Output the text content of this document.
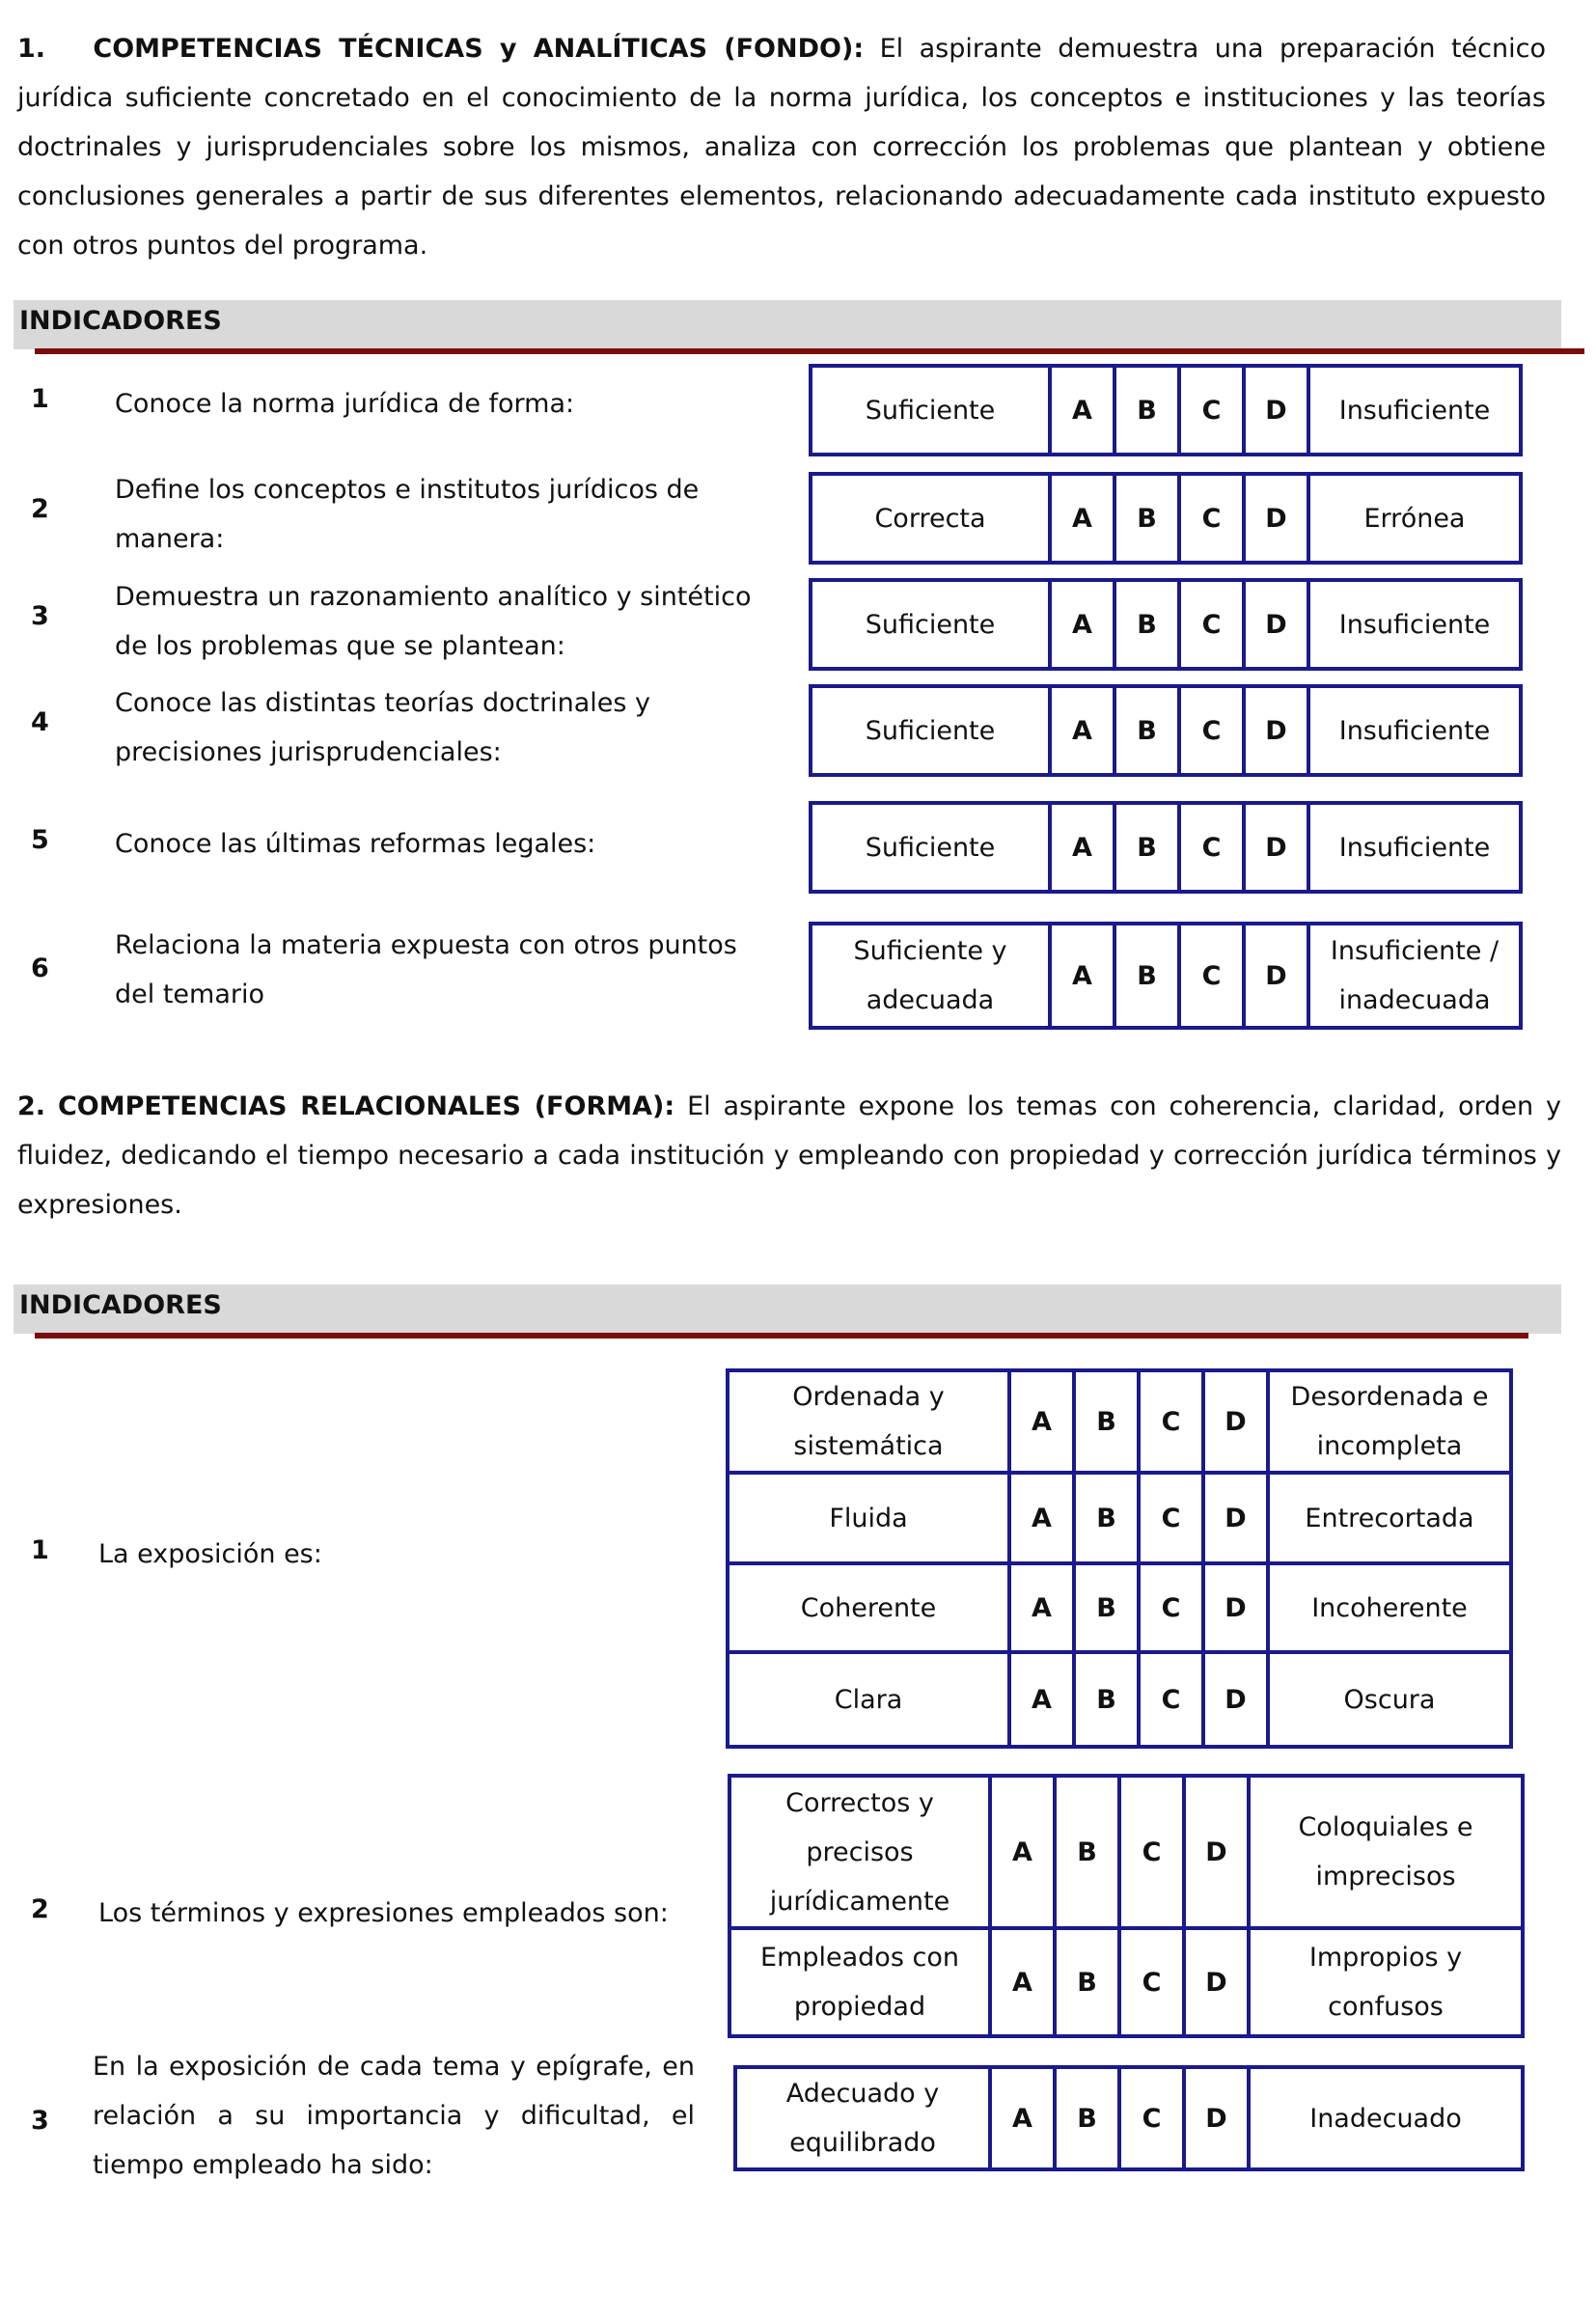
1. COMPETENCIAS TÉCNICAS y ANALÍTICAS (FONDO): El aspirante demuestra una preparación técnico jurídica suficiente concretado en el conocimiento de la norma jurídica, los conceptos e instituciones y las teorías doctrinales y jurisprudenciales sobre los mismos, analiza con corrección los problemas que plantean y obtiene conclusiones generales a partir de sus diferentes elementos, relacionando adecuadamente cada instituto expuesto con otros puntos del programa.
INDICADORES
1	Conoce la norma jurídica de forma:	Suficiente	A	B	C	D	Insuficiente
2
Define los conceptos e institutos jurídicos de manera:
Correcta	A	B	C	D	Errónea
3
Demuestra un razonamiento analítico y sintético de los problemas que se plantean:
Suficiente	A	B	C	D	Insuficiente
4
Conoce las distintas teorías doctrinales y precisiones jurisprudenciales:
Suficiente	A	B	C	D	Insuficiente
5	Conoce las últimas reformas legales:	Suficiente	A	B	C	D	Insuficiente
6
Relaciona la materia expuesta con otros puntos del temario
Suficiente y adecuada	A	B	C	D	Insuficiente / inadecuada
2. COMPETENCIAS RELACIONALES (FORMA): El aspirante expone los temas con coherencia, claridad, orden y fluidez, dedicando el tiempo necesario a cada institución y empleando con propiedad y corrección jurídica términos y expresiones.
INDICADORES
1 La exposición es:
Ordenada y sistemática	A	B	C	D	Desordenada e incompleta
Fluida	A	B	C	D	Entrecortada
Coherente	A	B	C	D	Incoherente
Clara	A	B	C	D	Oscura
2 Los términos y expresiones empleados son:
Correctos y precisos jurídicamente	A	B	C	D	Coloquiales e imprecisos
Empleados con propiedad	A	B	C	D	Impropios y confusos
3
En la exposición de cada tema y epígrafe, en relación a su importancia y dificultad, el tiempo empleado ha sido:
Adecuado y equilibrado	A	B	C	D	Inadecuado
